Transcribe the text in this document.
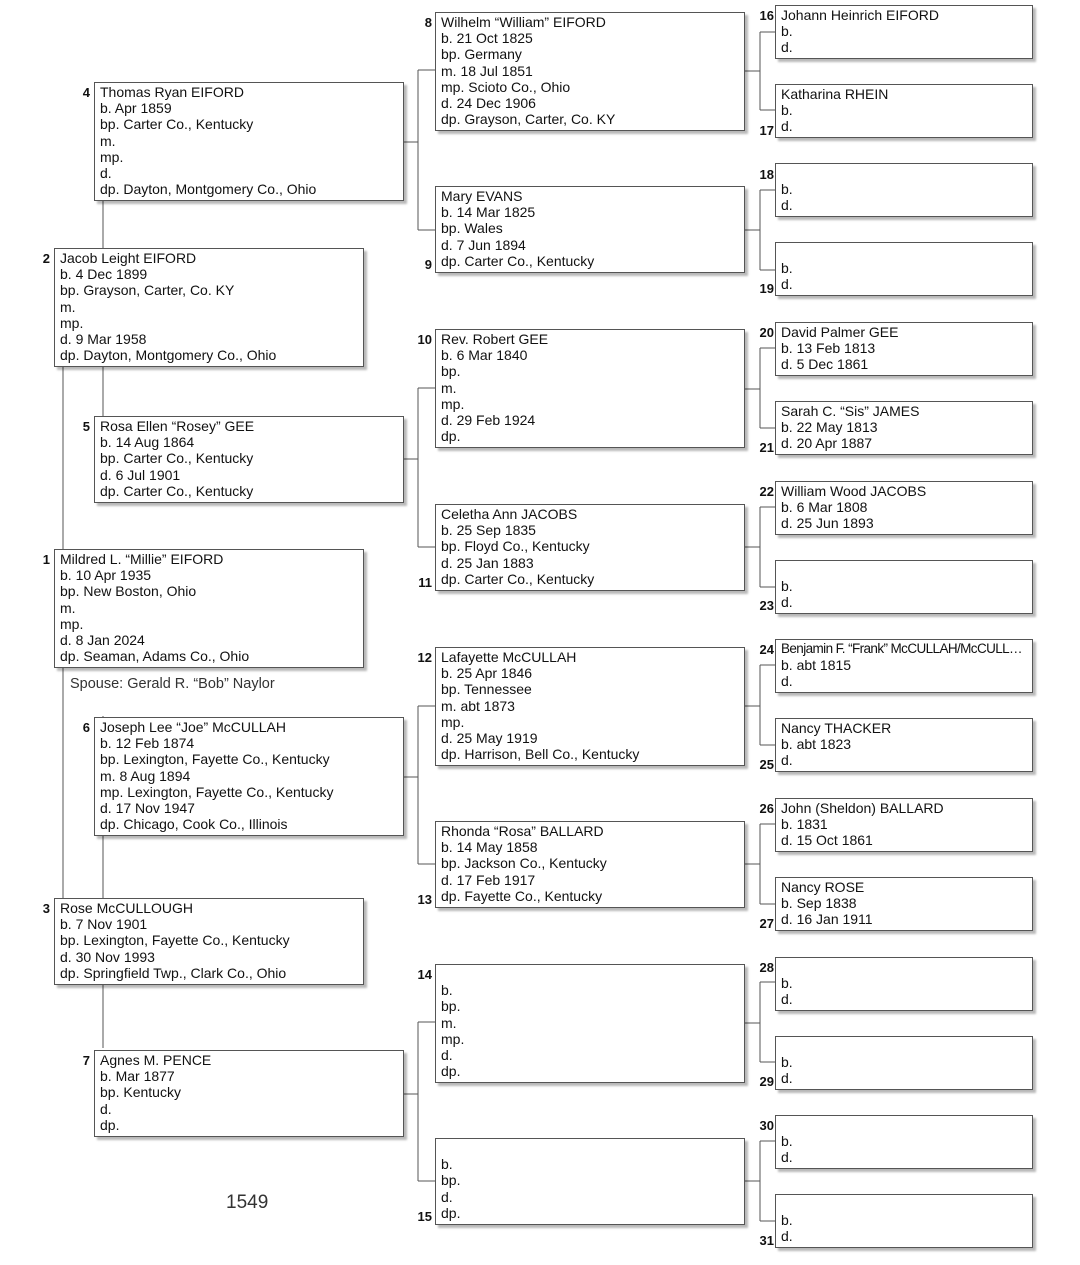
1 Mildred L. “Millie” EIFORD
b. 10 Apr 1935
bp. New Boston, Ohio
m.
mp.
d. 8 Jan 2024
dp. Seaman, Adams Co., Ohio
Spouse: Gerald R. “Bob” Naylor
2 Jacob Leight EIFORD
b. 4 Dec 1899
bp. Grayson, Carter, Co. KY
m.
mp.
d. 9 Mar 1958
dp. Dayton, Montgomery Co., Ohio
3 Rose McCULLOUGH
b. 7 Nov 1901
bp. Lexington, Fayette Co., Kentucky
d. 30 Nov 1993
dp. Springfield Twp., Clark Co., Ohio
4 Thomas Ryan EIFORD
b. Apr 1859
bp. Carter Co., Kentucky
m.
mp.
d.
dp. Dayton, Montgomery Co., Ohio
5 Rosa Ellen “Rosey” GEE
b. 14 Aug 1864
bp. Carter Co., Kentucky
d. 6 Jul 1901
dp. Carter Co., Kentucky
6 Joseph Lee “Joe” McCULLAH
b. 12 Feb 1874
bp. Lexington, Fayette Co., Kentucky
m. 8 Aug 1894
mp. Lexington, Fayette Co., Kentucky
d. 17 Nov 1947
dp. Chicago, Cook Co., Illinois
7 Agnes M. PENCE
b. Mar 1877
bp. Kentucky
d.
dp.
8 Wilhelm “William” EIFORD
b. 21 Oct 1825
bp. Germany
m. 18 Jul 1851
mp. Scioto Co., Ohio
d. 24 Dec 1906
dp. Grayson, Carter, Co. KY
9
Mary EVANS
b. 14 Mar 1825
bp. Wales
d. 7 Jun 1894
dp. Carter Co., Kentucky
10 Rev. Robert GEE
b. 6 Mar 1840
bp.
m.
mp.
d. 29 Feb 1924
dp.
11
Celetha Ann JACOBS
b. 25 Sep 1835
bp. Floyd Co., Kentucky
d. 25 Jan 1883
dp. Carter Co., Kentucky
12 Lafayette McCULLAH
b. 25 Apr 1846
bp. Tennessee
m. abt 1873
mp.
d. 25 May 1919
dp. Harrison, Bell Co., Kentucky
13
Rhonda “Rosa” BALLARD
b. 14 May 1858
bp. Jackson Co., Kentucky
d. 17 Feb 1917
dp. Fayette Co., Kentucky
14

b.
bp.
m.
mp.
d.
dp.
15

b.
bp.
d.
dp.
16 Johann Heinrich EIFORD
b.
d.
17
Katharina RHEIN
b.
d.
18

b.
d.
19

b.
d.
20 David Palmer GEE
b. 13 Feb 1813
d. 5 Dec 1861
21
Sarah C. “Sis” JAMES
b. 22 May 1813
d. 20 Apr 1887
22 William Wood JACOBS
b. 6 Mar 1808
d. 25 Jun 1893
23

b.
d.
24 Benjamin F. “Frank” McCULLAH/McCULL…
b. abt 1815
d.
25
Nancy THACKER
b. abt 1823
d.
26 John (Sheldon) BALLARD
b. 1831
d. 15 Oct 1861
27
Nancy ROSE
b. Sep 1838
d. 16 Jan 1911
28

b.
d.
29

b.
d.
30

b.
d.
31

b.
d.
1549
